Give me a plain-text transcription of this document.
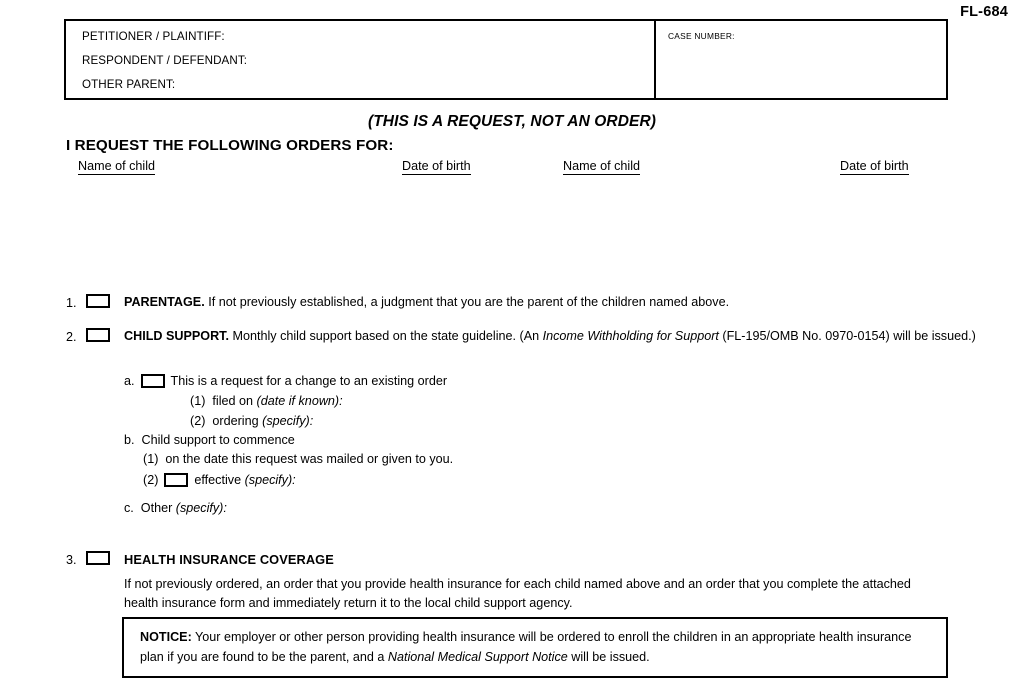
FL-684
PETITIONER / PLAINTIFF:
RESPONDENT / DEFENDANT:
OTHER PARENT:
CASE NUMBER:
(THIS IS A REQUEST, NOT AN ORDER)
I REQUEST THE FOLLOWING ORDERS FOR:
Name of child	Date of birth	Name of child	Date of birth
1.	PARENTAGE. If not previously established, a judgment that you are the parent of the children named above.
2.	CHILD SUPPORT. Monthly child support based on the state guideline. (An Income Withholding for Support (FL-195/OMB No. 0970-0154) will be issued.)
a.	This is a request for a change to an existing order
(1) filed on (date if known):
(2) ordering (specify):
b. Child support to commence
(1) on the date this request was mailed or given to you.
(2)	effective (specify):
c. Other (specify):
3.	HEALTH INSURANCE COVERAGE
If not previously ordered, an order that you provide health insurance for each child named above and an order that you complete the attached health insurance form and immediately return it to the local child support agency.
NOTICE: Your employer or other person providing health insurance will be ordered to enroll the children in an appropriate health insurance plan if you are found to be the parent, and a National Medical Support Notice will be issued.
